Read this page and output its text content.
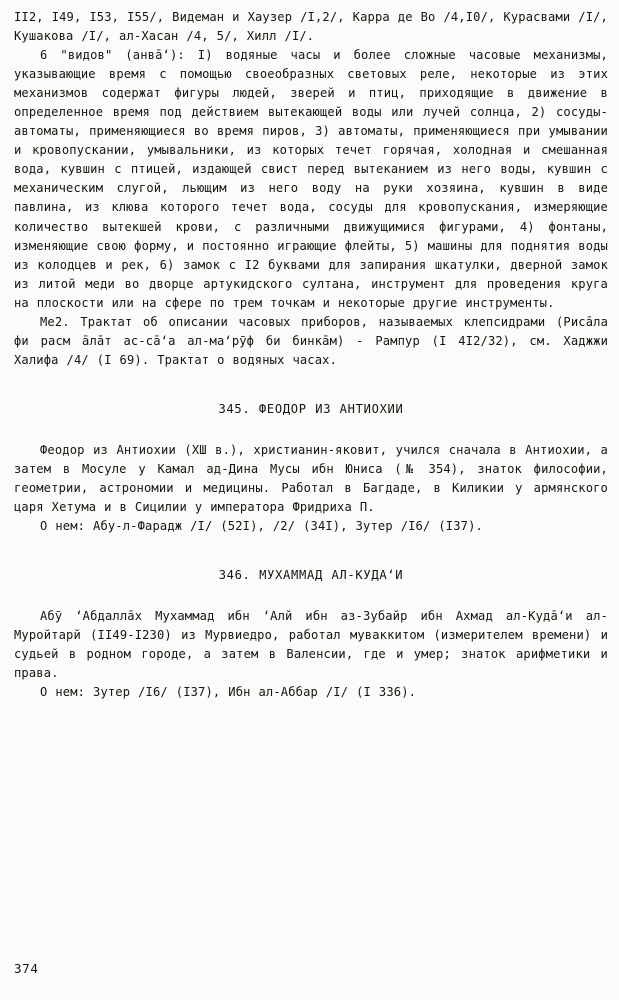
II2, I49, I53, I55/, Видеман и Хаузер /I,2/, Карра де Во /4,I0/, Курасвами /I/, Кушакова /I/, ал-Хасан /4, 5/, Хилл /I/.

6 "видов" (анвā‘): I) водяные часы и более сложные часовые механизмы, указывающие время с помощью своеобразных световых реле, некоторые из этих механизмов содержат фигуры людей, зверей и птиц, приходящие в движение в определенное время под действием вытекающей воды или лучей солнца, 2) сосуды-автоматы, применяющиеся во время пиров, 3) автоматы, применяющиеся при умывании и кровопускании, умывальники, из которых течет горячая, холодная и смешанная вода, кувшин с птицей, издающей свист перед вытеканием из него воды, кувшин с механическим слугой, льющим из него воду на руки хозяина, кувшин в виде павлина, из клюва которого течет вода, сосуды для кровопускания, измеряющие количество вытекшей крови, с различными движущимися фигурами, 4) фонтаны, изменяющие свою форму, и постоянно играющие флейты, 5) машины для поднятия воды из колодцев и рек, 6) замок с I2 буквами для запирания шкатулки, дверной замок из литой меди во дворце артукидского султана, инструмент для проведения круга на плоскости или на сфере по трем точкам и некоторые другие инструменты.

Ме2. Трактат об описании часовых приборов, называемых клепсидрами (Рисāла фи расм āлāт ас-сā‘а ал-ма‘рӯф би бинкāм) - Рампур (I 4I2/32), см. Хаджжи Халифа /4/ (I 69). Трактат о водяных часах.

345. ФЕОДОР ИЗ АНТИОХИИ

Феодор из Антиохии (ХШ в.), христианин-яковит, учился сначала в Антиохии, а затем в Мосуле у Камал ад-Дина Мусы ибн Юниса (№ 354), знаток философии, геометрии, астрономии и медицины. Работал в Багдаде, в Киликии у армянского царя Хетума и в Сицилии у императора Фридриха П.

О нем: Абу-л-Фарадж /I/ (52I), /2/ (34I), Зутер /I6/ (I37).

346. МУХАММАД АЛ-КУДА‘И

Абӯ ‘Абдаллāх Мухаммад ибн ‘Алй ибн аз-Зубайр ибн Ахмад ал-Кудā‘и ал-Муройтарй (II49-I230) из Мурвиедро, работал муваккитом (измерителем времени) и судьей в родном городе, а затем в Валенсии, где и умер; знаток арифметики и права.

О нем: Зутер /I6/ (I37), Ибн ал-Аббар /I/ (I 336).

374
